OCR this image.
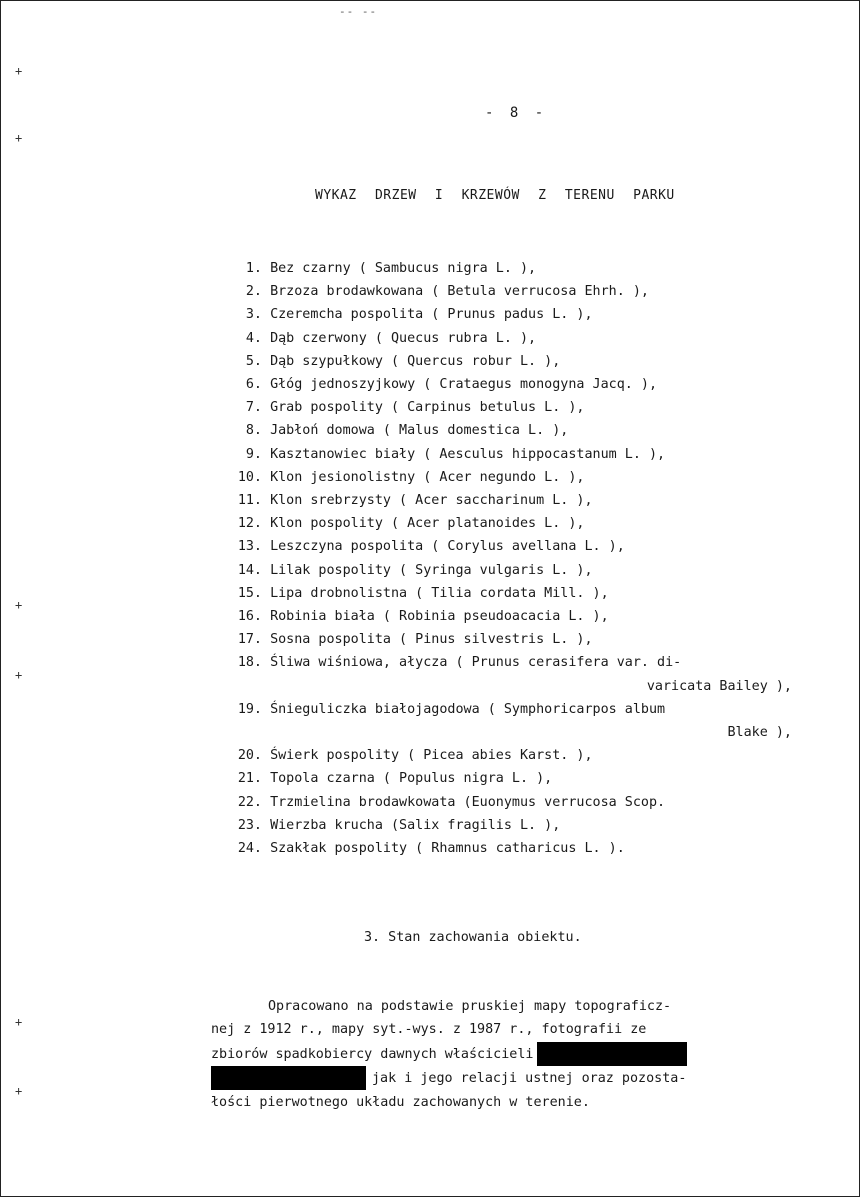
-- --
+
+
+
+
+
+
- 8 -
WYKAZ DRZEW I KRZEWÓW Z TERENU PARKU
1.
Bez czarny ( Sambucus nigra L. ),
2.
Brzoza brodawkowana ( Betula verrucosa Ehrh. ),
3.
Czeremcha pospolita ( Prunus padus L. ),
4.
Dąb czerwony ( Quecus rubra L. ),
5.
Dąb szypułkowy ( Quercus robur L. ),
6.
Głóg jednoszyjkowy ( Crataegus monogyna Jacq. ),
7.
Grab pospolity ( Carpinus betulus L. ),
8.
Jabłoń domowa ( Malus domestica L. ),
9.
Kasztanowiec biały ( Aesculus hippocastanum L. ),
10.
Klon jesionolistny ( Acer negundo L. ),
11.
Klon srebrzysty ( Acer saccharinum L. ),
12.
Klon pospolity ( Acer platanoides L. ),
13.
Leszczyna pospolita ( Corylus avellana L. ),
14.
Lilak pospolity ( Syringa vulgaris L. ),
15.
Lipa drobnolistna ( Tilia cordata Mill. ),
16.
Robinia biała ( Robinia pseudoacacia L. ),
17.
Sosna pospolita ( Pinus silvestris L. ),
18.
Śliwa wiśniowa, ałycza ( Prunus cerasifera var. di-
varicata Bailey ),
19.
Śnieguliczka białojagodowa ( Symphoricarpos album
Blake ),
20.
Świerk pospolity ( Picea abies Karst. ),
21.
Topola czarna ( Populus nigra L. ),
22.
Trzmielina brodawkowata (Euonymus verrucosa Scop.
23.
Wierzba krucha (Salix fragilis L. ),
24.
Szakłak pospolity ( Rhamnus catharicus L. ).
3. Stan zachowania obiektu.
Opracowano na podstawie pruskiej mapy topograficz-
nej z 1912 r., mapy syt.-wys. z 1987 r., fotografii ze
zbiorów spadkobiercy dawnych właścicieli
jak i jego relacji ustnej oraz pozosta-
łości pierwotnego układu zachowanych w terenie.
